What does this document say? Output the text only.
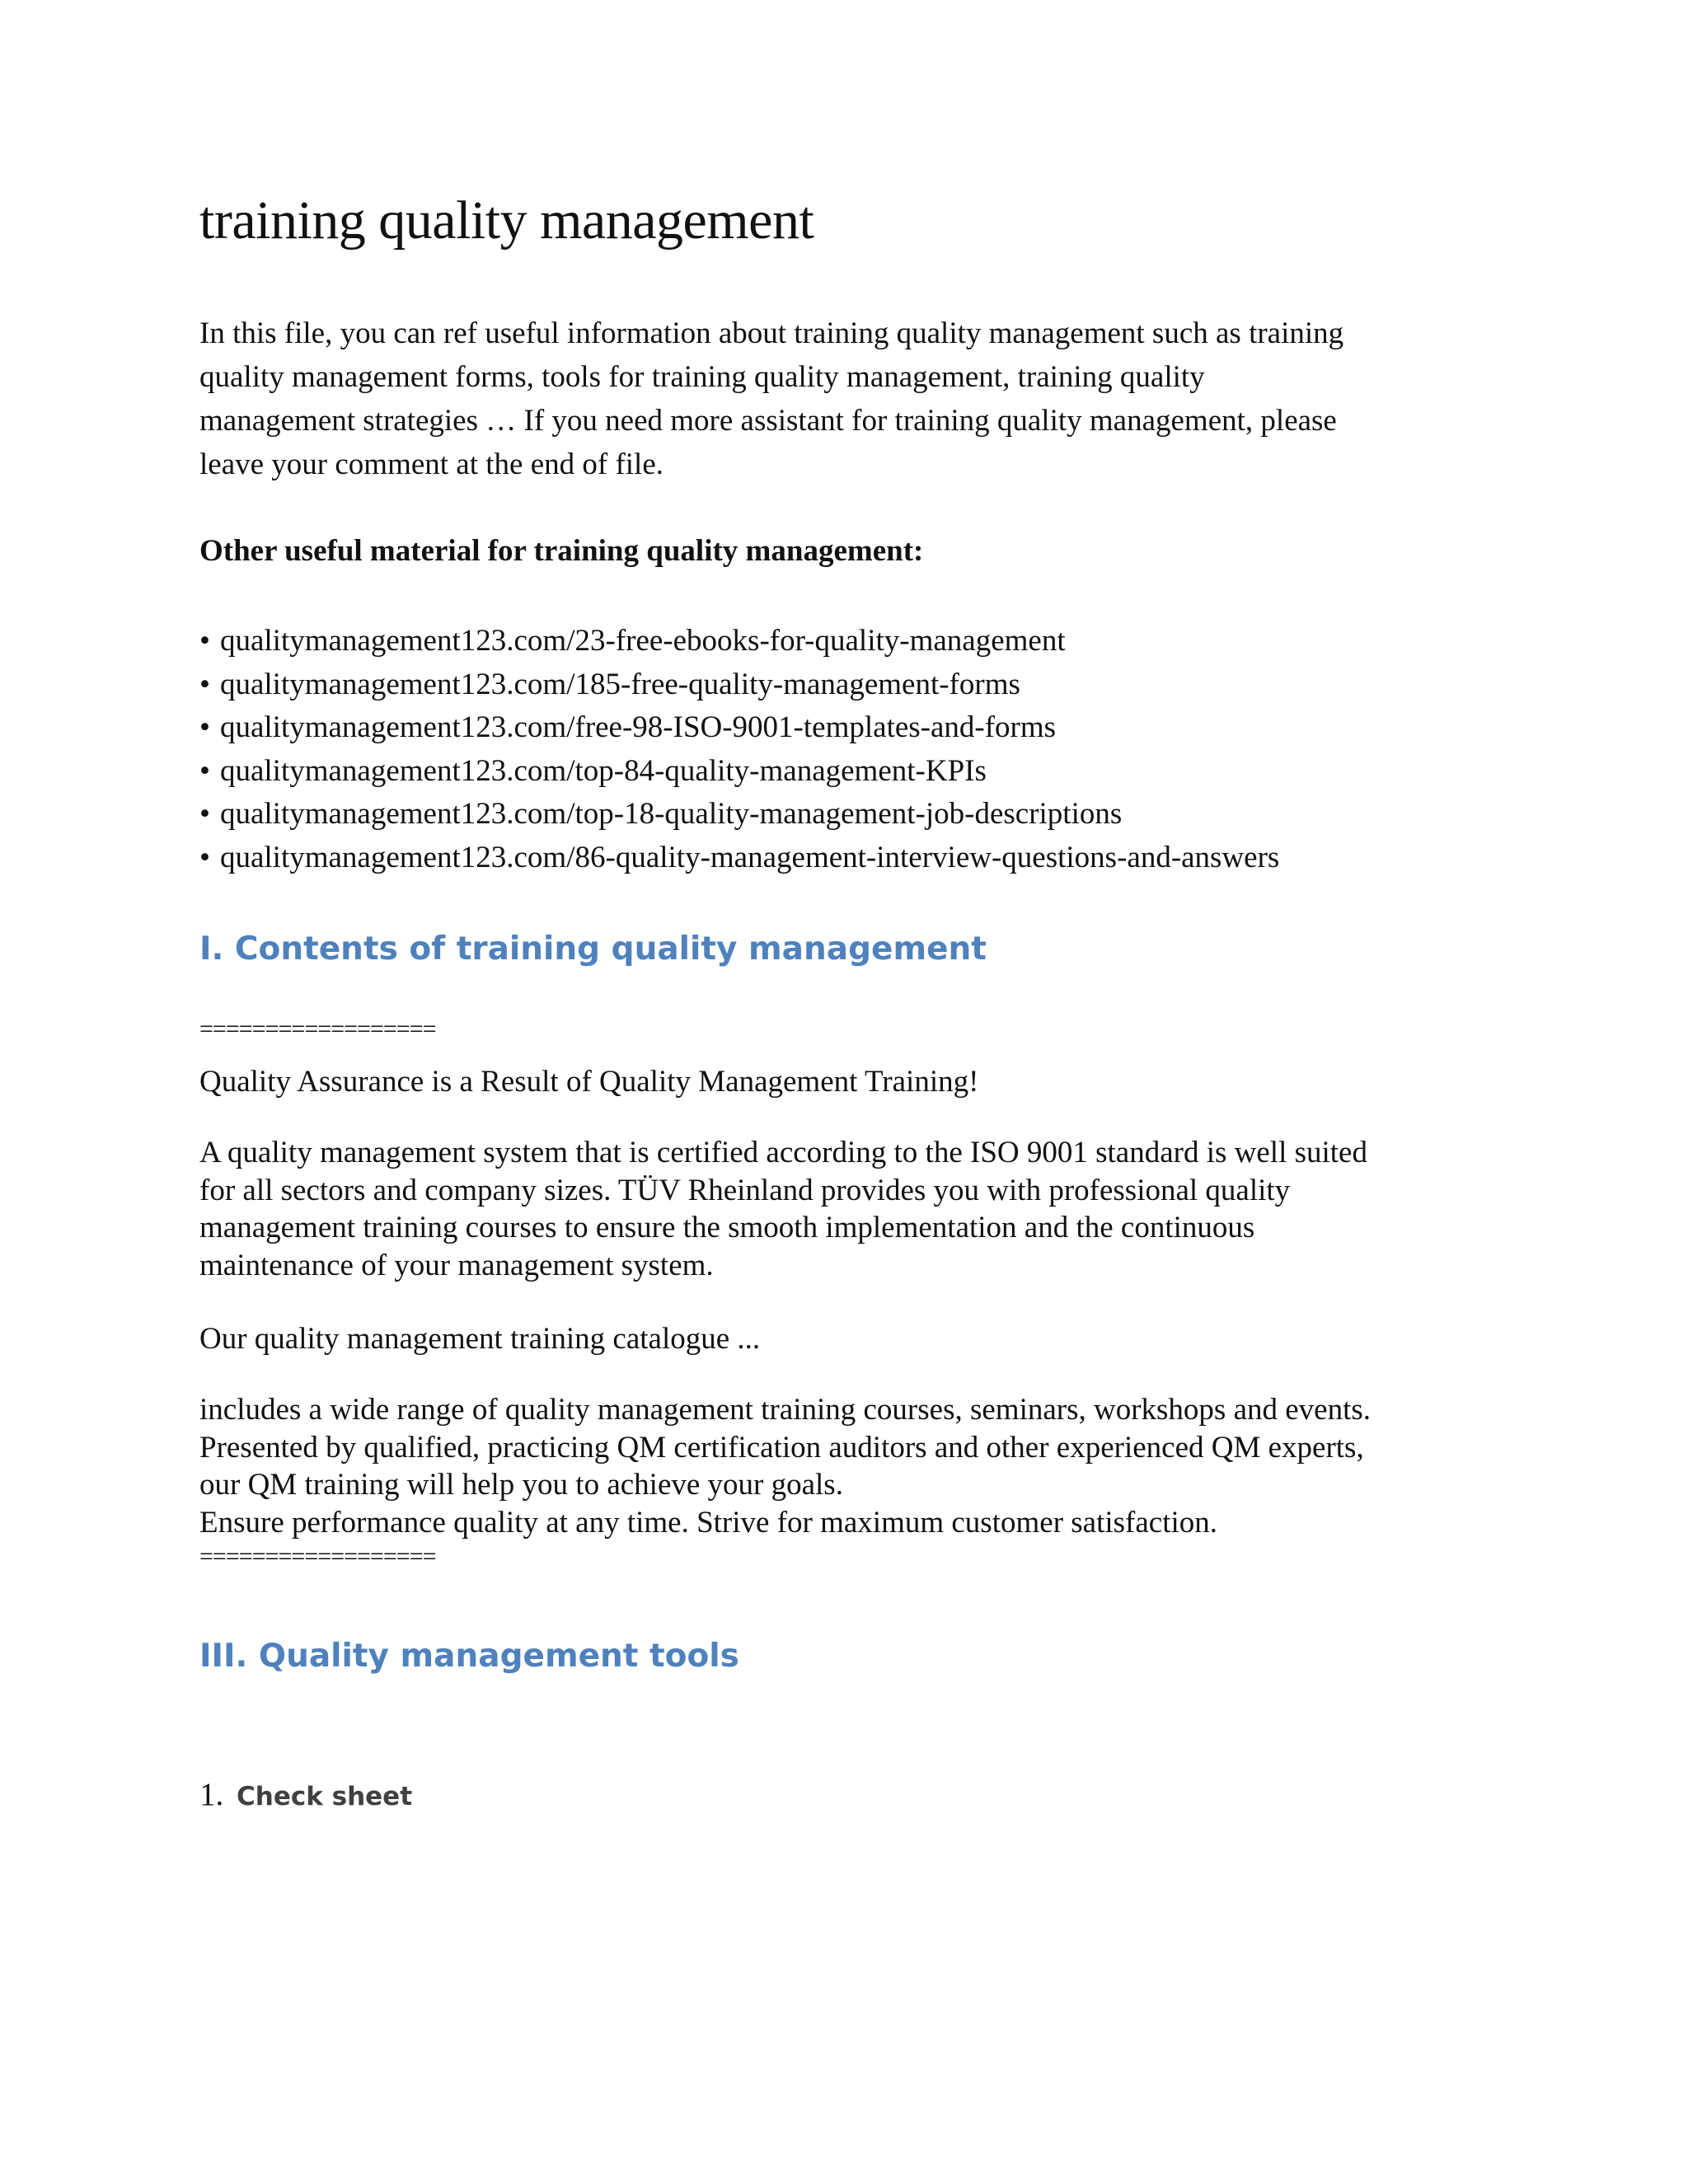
training quality management
In this file, you can ref useful information about training quality management such as training
quality management forms, tools for training quality management, training quality
management strategies … If you need more assistant for training quality management, please
leave your comment at the end of file.
Other useful material for training quality management:
• qualitymanagement123.com/23-free-ebooks-for-quality-management
• qualitymanagement123.com/185-free-quality-management-forms
• qualitymanagement123.com/free-98-ISO-9001-templates-and-forms
• qualitymanagement123.com/top-84-quality-management-KPIs
• qualitymanagement123.com/top-18-quality-management-job-descriptions
• qualitymanagement123.com/86-quality-management-interview-questions-and-answers
I. Contents of training quality management
==================
Quality Assurance is a Result of Quality Management Training!
A quality management system that is certified according to the ISO 9001 standard is well suited
for all sectors and company sizes. TÜV Rheinland provides you with professional quality
management training courses to ensure the smooth implementation and the continuous
maintenance of your management system.
Our quality management training catalogue ...
includes a wide range of quality management training courses, seminars, workshops and events.
Presented by qualified, practicing QM certification auditors and other experienced QM experts,
our QM training will help you to achieve your goals.
Ensure performance quality at any time. Strive for maximum customer satisfaction.
==================
III. Quality management tools
1. Check sheet
